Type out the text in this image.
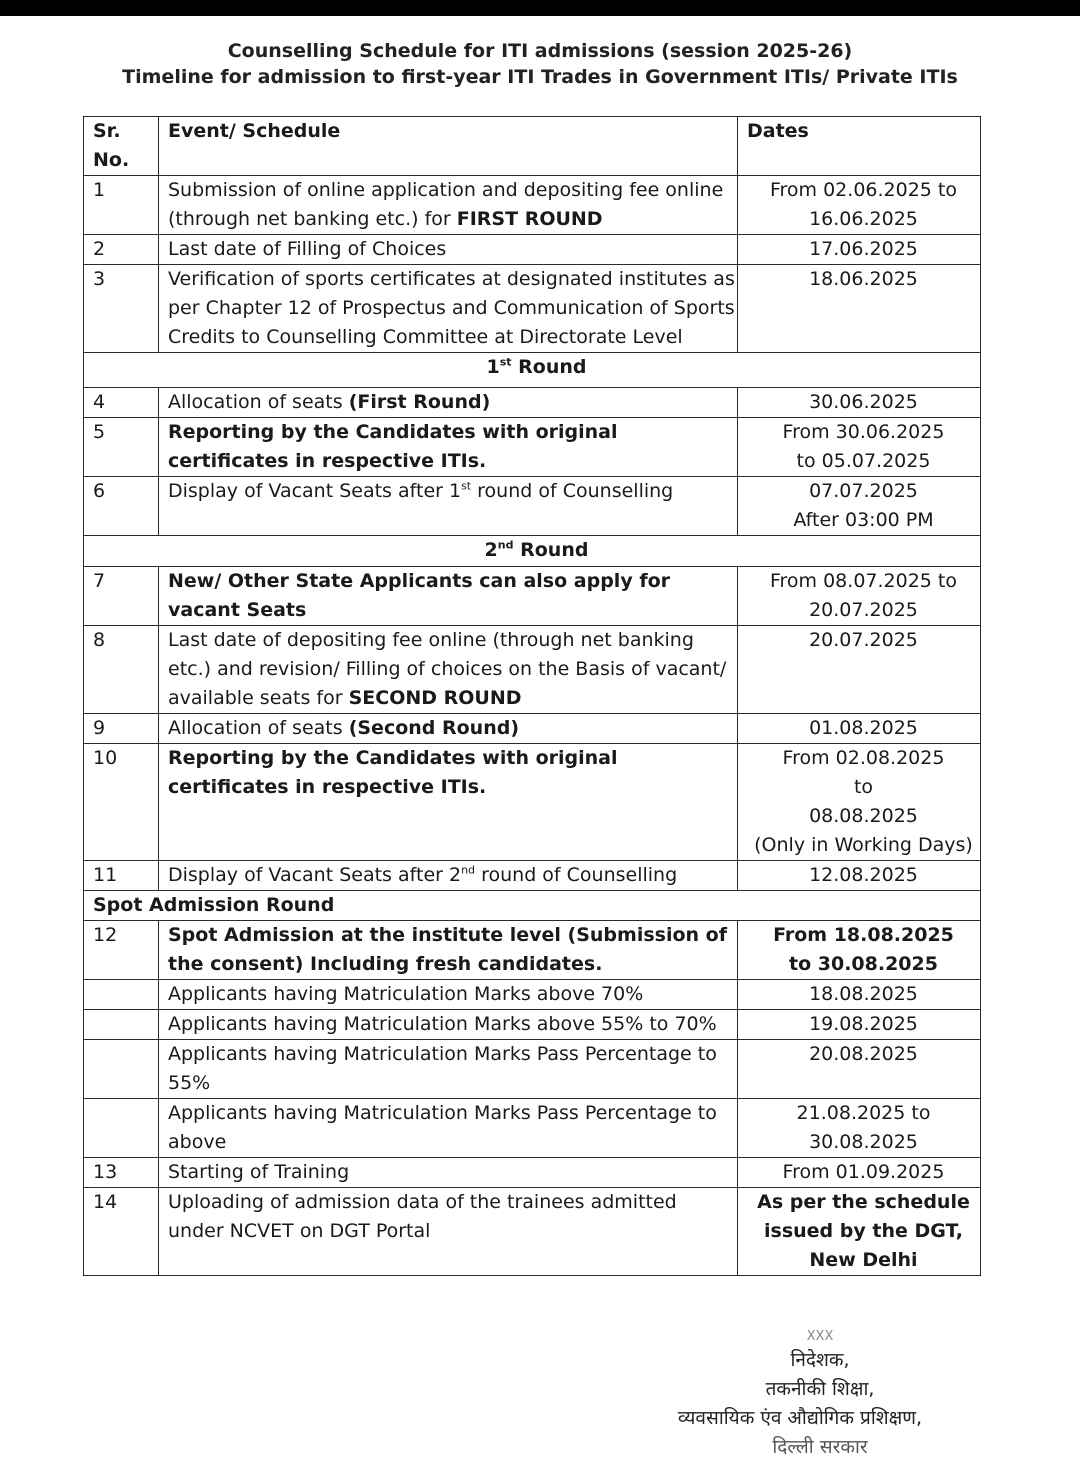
Counselling Schedule for ITI admissions (session 2025-26)
Timeline for admission to first-year ITI Trades in Government ITIs/ Private ITIs
Sr. No.	Event/ Schedule	Dates
1	Submission of online application and depositing fee online (through net banking etc.) for FIRST ROUND	From 02.06.2025 to
16.06.2025

2	Last date of Filling of Choices	17.06.2025
3	Verification of sports certificates at designated institutes as per Chapter 12 of Prospectus and Communication of Sports Credits to Counselling Committee at Directorate Level	18.06.2025
1st Round		
4	Allocation of seats (First Round)	30.06.2025
5	Reporting by the Candidates with original certificates in respective ITIs.	From 30.06.2025
to 05.07.2025

6	Display of Vacant Seats after 1st round of Counselling	07.07.2025
After 03:00 PM

2nd Round		
7	New/ Other State Applicants can also apply for vacant Seats	From 08.07.2025 to
20.07.2025

8	Last date of depositing fee online (through net banking etc.) and revision/ Filling of choices on the Basis of vacant/ available seats for SECOND ROUND	20.07.2025
9	Allocation of seats (Second Round)	01.08.2025
10	Reporting by the Candidates with original certificates in respective ITIs.	From 02.08.2025
to
08.08.2025
(Only in Working Days)

11	Display of Vacant Seats after 2nd round of Counselling	12.08.2025
Spot Admission Round		
12	Spot Admission at the institute level (Submission of the consent) Including fresh candidates.	From 18.08.2025
to 30.08.2025

	Applicants having Matriculation Marks above 70%	18.08.2025
	Applicants having Matriculation Marks above 55% to 70%	19.08.2025
	Applicants having Matriculation Marks Pass Percentage to 55%	20.08.2025
	Applicants having Matriculation Marks Pass Percentage to above	21.08.2025 to
30.08.2025

13	Starting of Training	From 01.09.2025
14	Uploading of admission data of the trainees admitted under NCVET on DGT Portal	As per the schedule
issued by the DGT,
New Delhi
XXX
निदेशक,
तकनीकी शिक्षा,
व्यवसायिक एंव औद्योगिक प्रशिक्षण,
दिल्ली सरकार
